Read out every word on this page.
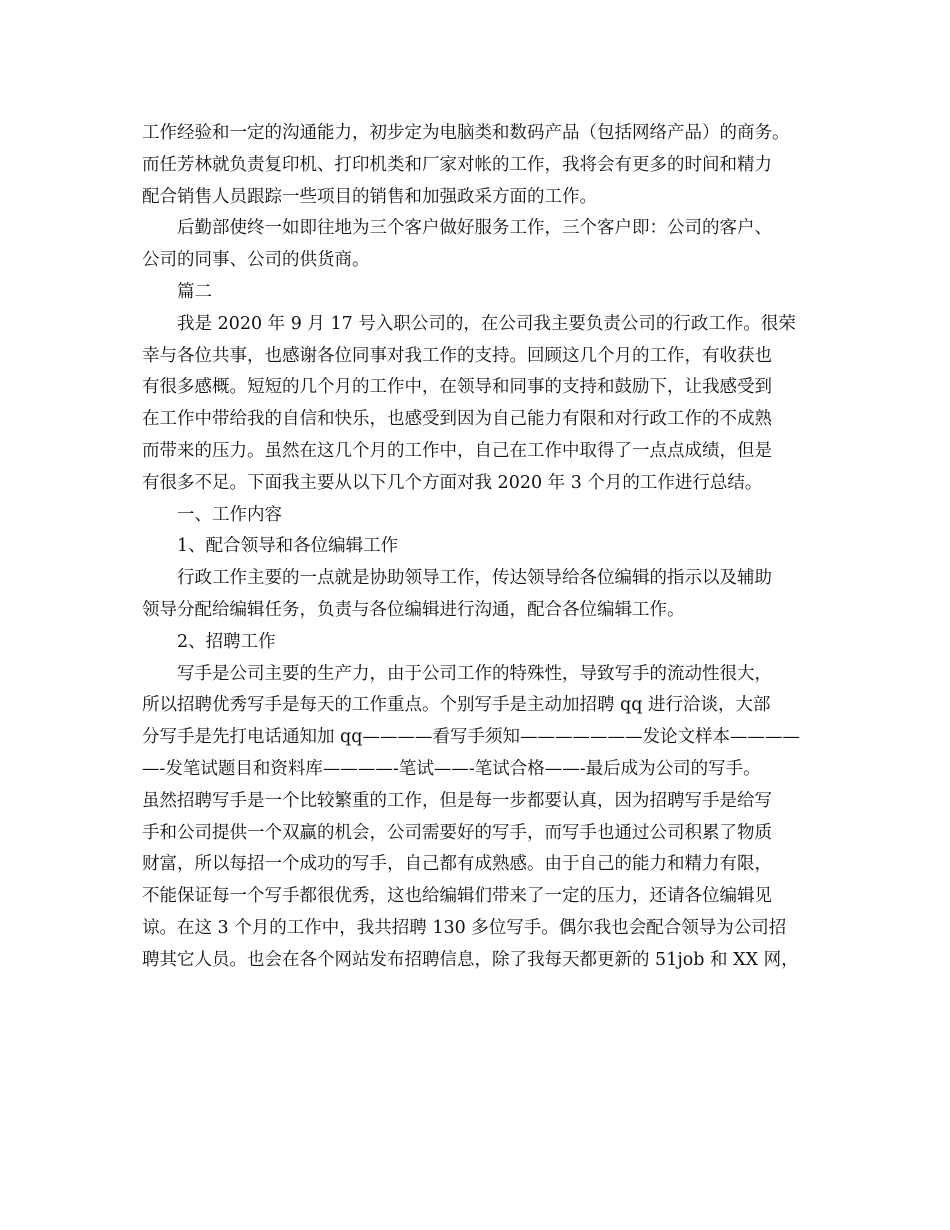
工作经验和一定的沟通能力，初步定为电脑类和数码产品（包括网络产品）的商务。

而任芳林就负责复印机、打印机类和厂家对帐的工作，我将会有更多的时间和精力

配合销售人员跟踪一些项目的销售和加强政采方面的工作。

后勤部使终一如即往地为三个客户做好服务工作，三个客户即：公司的客户、

公司的同事、公司的供货商。

篇二

我是 2020 年 9 月 17 号入职公司的，在公司我主要负责公司的行政工作。很荣

幸与各位共事，也感谢各位同事对我工作的支持。回顾这几个月的工作，有收获也

有很多感概。短短的几个月的工作中，在领导和同事的支持和鼓励下，让我感受到

在工作中带给我的自信和快乐，也感受到因为自己能力有限和对行政工作的不成熟

而带来的压力。虽然在这几个月的工作中，自己在工作中取得了一点点成绩，但是

有很多不足。下面我主要从以下几个方面对我 2020 年 3 个月的工作进行总结。

一、工作内容

1、配合领导和各位编辑工作

行政工作主要的一点就是协助领导工作，传达领导给各位编辑的指示以及辅助

领导分配给编辑任务，负责与各位编辑进行沟通，配合各位编辑工作。

2、招聘工作

写手是公司主要的生产力，由于公司工作的特殊性，导致写手的流动性很大，

所以招聘优秀写手是每天的工作重点。个别写手是主动加招聘 qq 进行洽谈，大部

分写手是先打电话通知加 qq————看写手须知———————发论文样本————

—-发笔试题目和资料库————-笔试——-笔试合格——-最后成为公司的写手。

虽然招聘写手是一个比较繁重的工作，但是每一步都要认真，因为招聘写手是给写

手和公司提供一个双赢的机会，公司需要好的写手，而写手也通过公司积累了物质

财富，所以每招一个成功的写手，自己都有成熟感。由于自己的能力和精力有限，

不能保证每一个写手都很优秀，这也给编辑们带来了一定的压力，还请各位编辑见

谅。在这 3 个月的工作中，我共招聘 130 多位写手。偶尔我也会配合领导为公司招

聘其它人员。也会在各个网站发布招聘信息，除了我每天都更新的 51job 和 XX 网，
